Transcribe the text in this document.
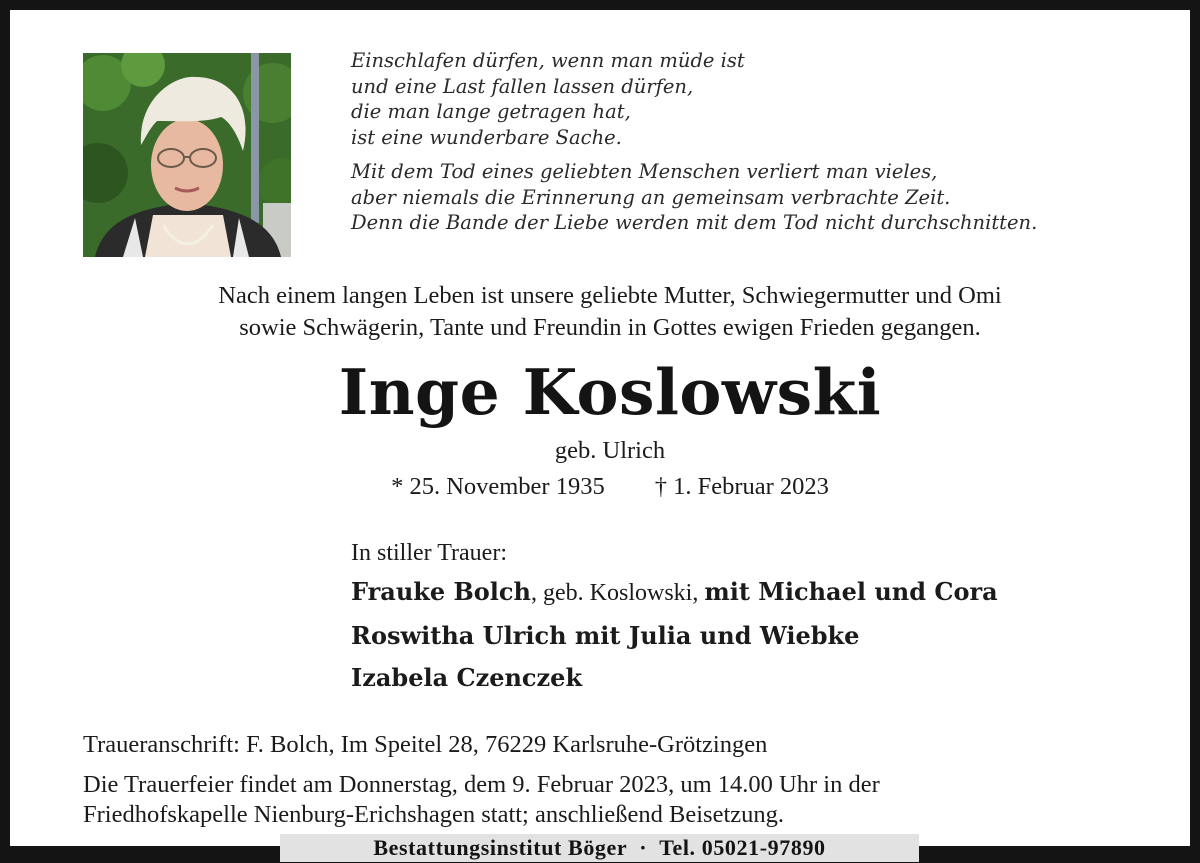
Einschlafen dürfen, wenn man müde ist

und eine Last fallen lassen dürfen,

die man lange getragen hat,

ist eine wunderbare Sache.

Mit dem Tod eines geliebten Menschen verliert man vieles,

aber niemals die Erinnerung an gemeinsam verbrachte Zeit.

Denn die Bande der Liebe werden mit dem Tod nicht durchschnitten.

Nach einem langen Leben ist unsere geliebte Mutter, Schwiegermutter und Omi

sowie Schwägerin, Tante und Freundin in Gottes ewigen Frieden gegangen.

Inge Koslowski
geb. Ulrich
* 25. November 1935 † 1. Februar 2023
In stiller Trauer:
Frauke Bolch, geb. Koslowski, mit Michael und Cora
Roswitha Ulrich mit Julia und Wiebke
Izabela Czenczek
Traueranschrift: F. Bolch, Im Speitel 28, 76229 Karlsruhe-Grötzingen

Die Trauerfeier findet am Donnerstag, dem 9. Februar 2023, um 14.00 Uhr in der

Friedhofskapelle Nienburg-Erichshagen statt; anschließend Beisetzung.

Bestattungsinstitut Böger · Tel. 05021-97890
